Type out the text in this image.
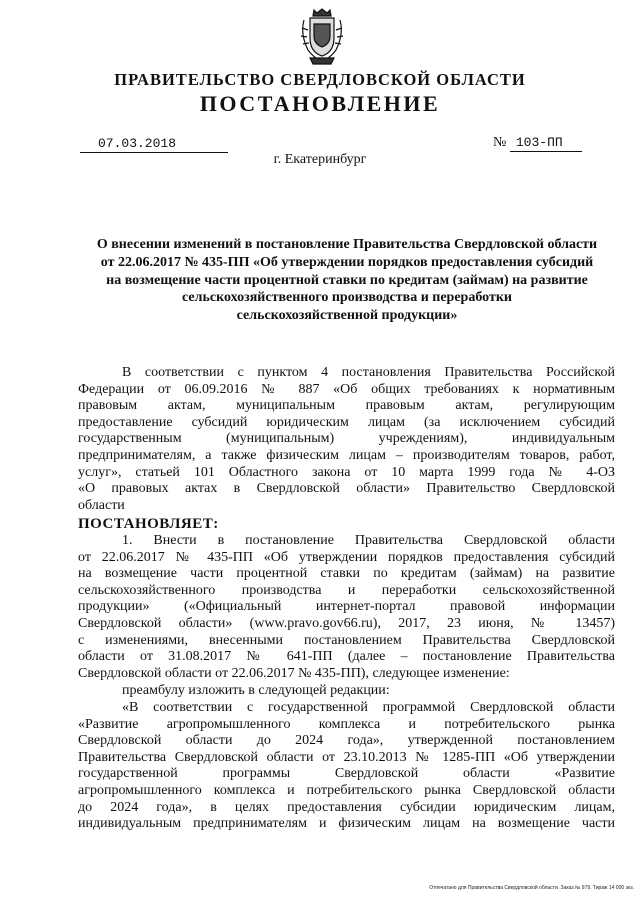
ПРАВИТЕЛЬСТВО СВЕРДЛОВСКОЙ ОБЛАСТИ
ПОСТАНОВЛЕНИЕ
07.03.2018	№ 103-ПП
г. Екатеринбург
О внесении изменений в постановление Правительства Свердловской области
от 22.06.2017 № 435-ПП «Об утверждении порядков предоставления субсидий
на возмещение части процентной ставки по кредитам (займам) на развитие
сельскохозяйственного производства и переработки
сельскохозяйственной продукции»
В соответствии с пунктом 4 постановления Правительства Российской
Федерации от 06.09.2016 № 887 «Об общих требованиях к нормативным
правовым актам, муниципальным правовым актам, регулирующим
предоставление субсидий юридическим лицам (за исключением субсидий
государственным (муниципальным) учреждениям), индивидуальным
предпринимателям, а также физическим лицам – производителям товаров, работ,
услуг», статьей 101 Областного закона от 10 марта 1999 года № 4-ОЗ
«О правовых актах в Свердловской области» Правительство Свердловской
области
ПОСТАНОВЛЯЕТ:
1. Внести в постановление Правительства Свердловской области
от 22.06.2017 № 435-ПП «Об утверждении порядков предоставления субсидий
на возмещение части процентной ставки по кредитам (займам) на развитие
сельскохозяйственного производства и переработки сельскохозяйственной
продукции» («Официальный интернет-портал правовой информации
Свердловской области» (www.pravo.gov66.ru), 2017, 23 июня, № 13457)
с изменениями, внесенными постановлением Правительства Свердловской
области от 31.08.2017 № 641-ПП (далее – постановление Правительства
Свердловской области от 22.06.2017 № 435-ПП), следующее изменение:
преамбулу изложить в следующей редакции:
«В соответствии с государственной программой Свердловской области
«Развитие агропромышленного комплекса и потребительского рынка
Свердловской области до 2024 года», утвержденной постановлением
Правительства Свердловской области от 23.10.2013 № 1285-ПП «Об утверждении
государственной программы Свердловской области «Развитие
агропромышленного комплекса и потребительского рынка Свердловской области
до 2024 года», в целях предоставления субсидии юридическим лицам,
индивидуальным предпринимателям и физическим лицам на возмещение части
Отпечатано для Правительства Свердловской области. Заказ № 979. Тираж 14 000 экз.
